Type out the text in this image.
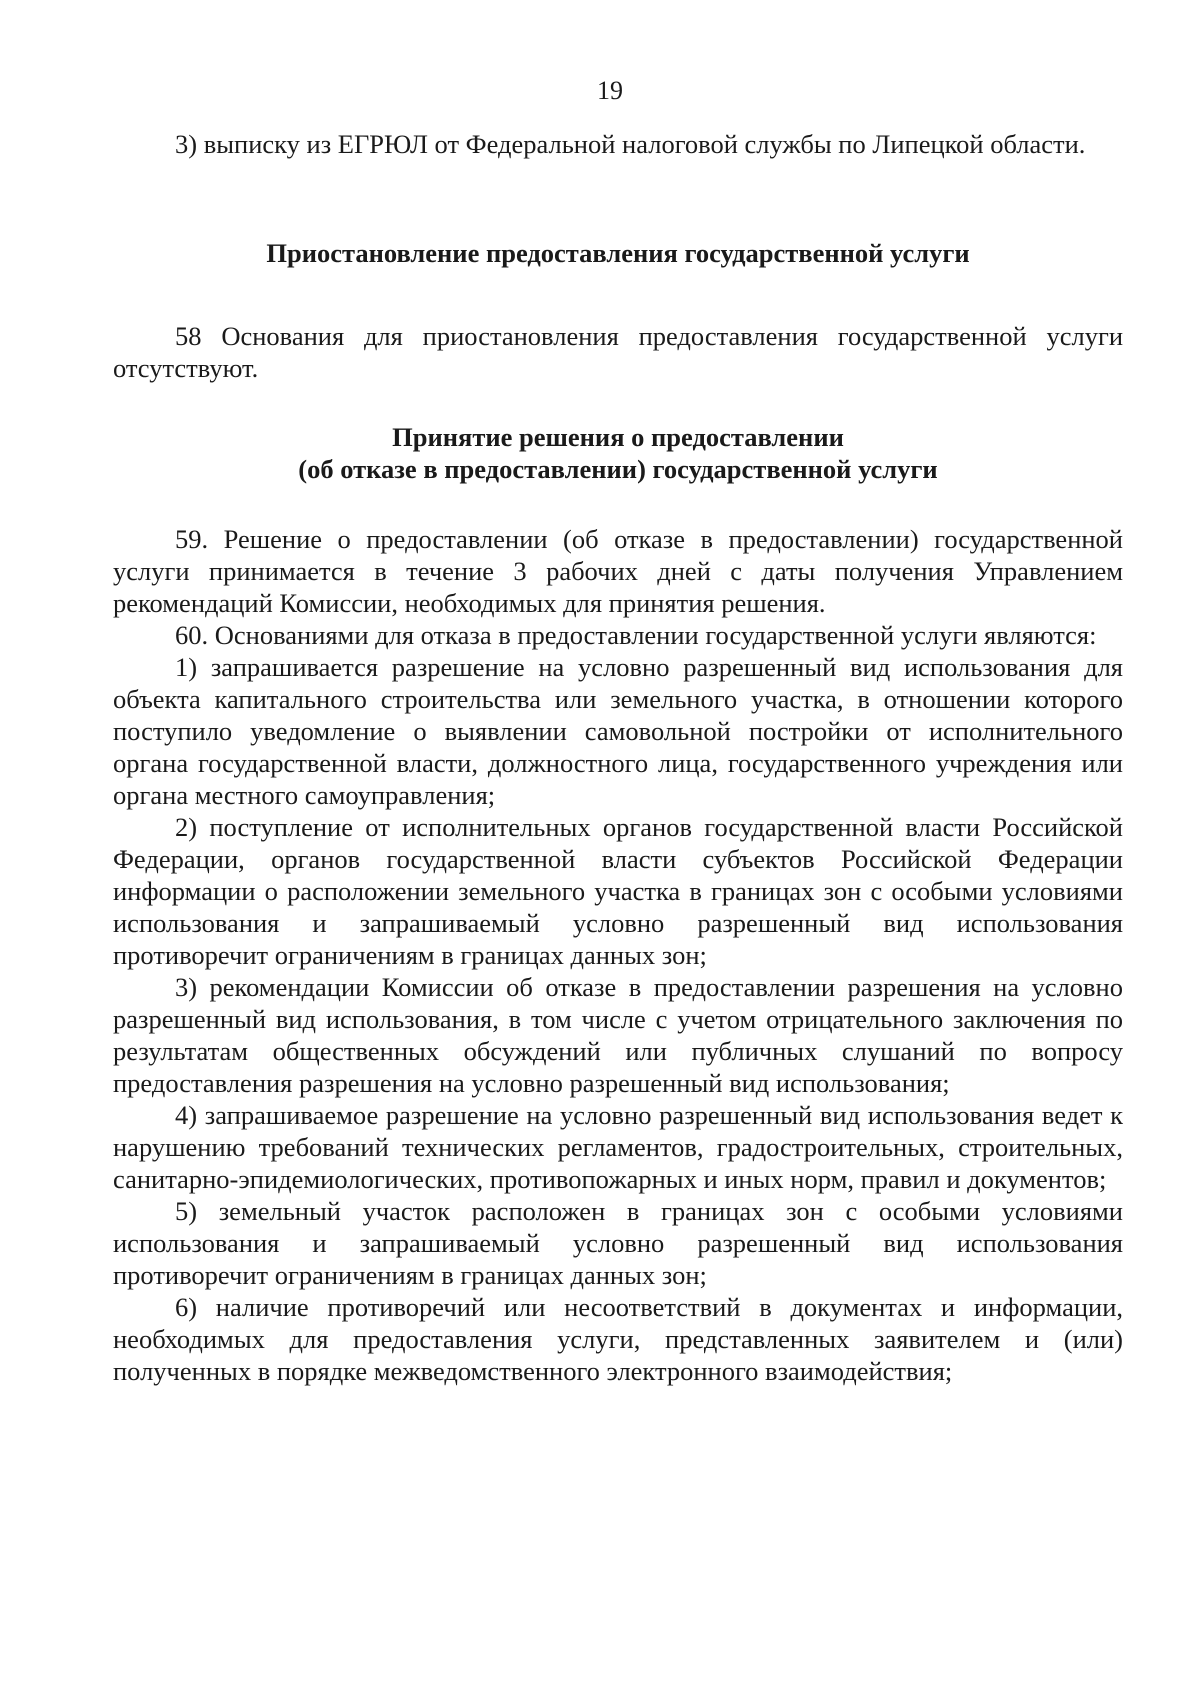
19

3) выписку из ЕГРЮЛ от Федеральной налоговой службы по Липецкой области.

Приостановление предоставления государственной услуги

58 Основания для приостановления предоставления государственной услуги отсутствуют.

Принятие решения о предоставлении
(об отказе в предоставлении) государственной услуги

59. Решение о предоставлении (об отказе в предоставлении) государственной услуги принимается в течение 3 рабочих дней с даты получения Управлением рекомендаций Комиссии, необходимых для принятия решения.

60. Основаниями для отказа в предоставлении государственной услуги являются:

1) запрашивается разрешение на условно разрешенный вид использования для объекта капитального строительства или земельного участка, в отношении которого поступило уведомление о выявлении самовольной постройки от исполнительного органа государственной власти, должностного лица, государственного учреждения или органа местного самоуправления;

2) поступление от исполнительных органов государственной власти Российской Федерации, органов государственной власти субъектов Российской Федерации информации о расположении земельного участка в границах зон с особыми условиями использования и запрашиваемый условно разрешенный вид использования противоречит ограничениям в границах данных зон;

3) рекомендации Комиссии об отказе в предоставлении разрешения на условно разрешенный вид использования, в том числе с учетом отрицательного заключения по результатам общественных обсуждений или публичных слушаний по вопросу предоставления разрешения на условно разрешенный вид использования;

4) запрашиваемое разрешение на условно разрешенный вид использования ведет к нарушению требований технических регламентов, градостроительных, строительных, санитарно-эпидемиологических, противопожарных и иных норм, правил и документов;

5) земельный участок расположен в границах зон с особыми условиями использования и запрашиваемый условно разрешенный вид использования противоречит ограничениям в границах данных зон;

6) наличие противоречий или несоответствий в документах и информации, необходимых для предоставления услуги, представленных заявителем и (или) полученных в порядке межведомственного электронного взаимодействия;
